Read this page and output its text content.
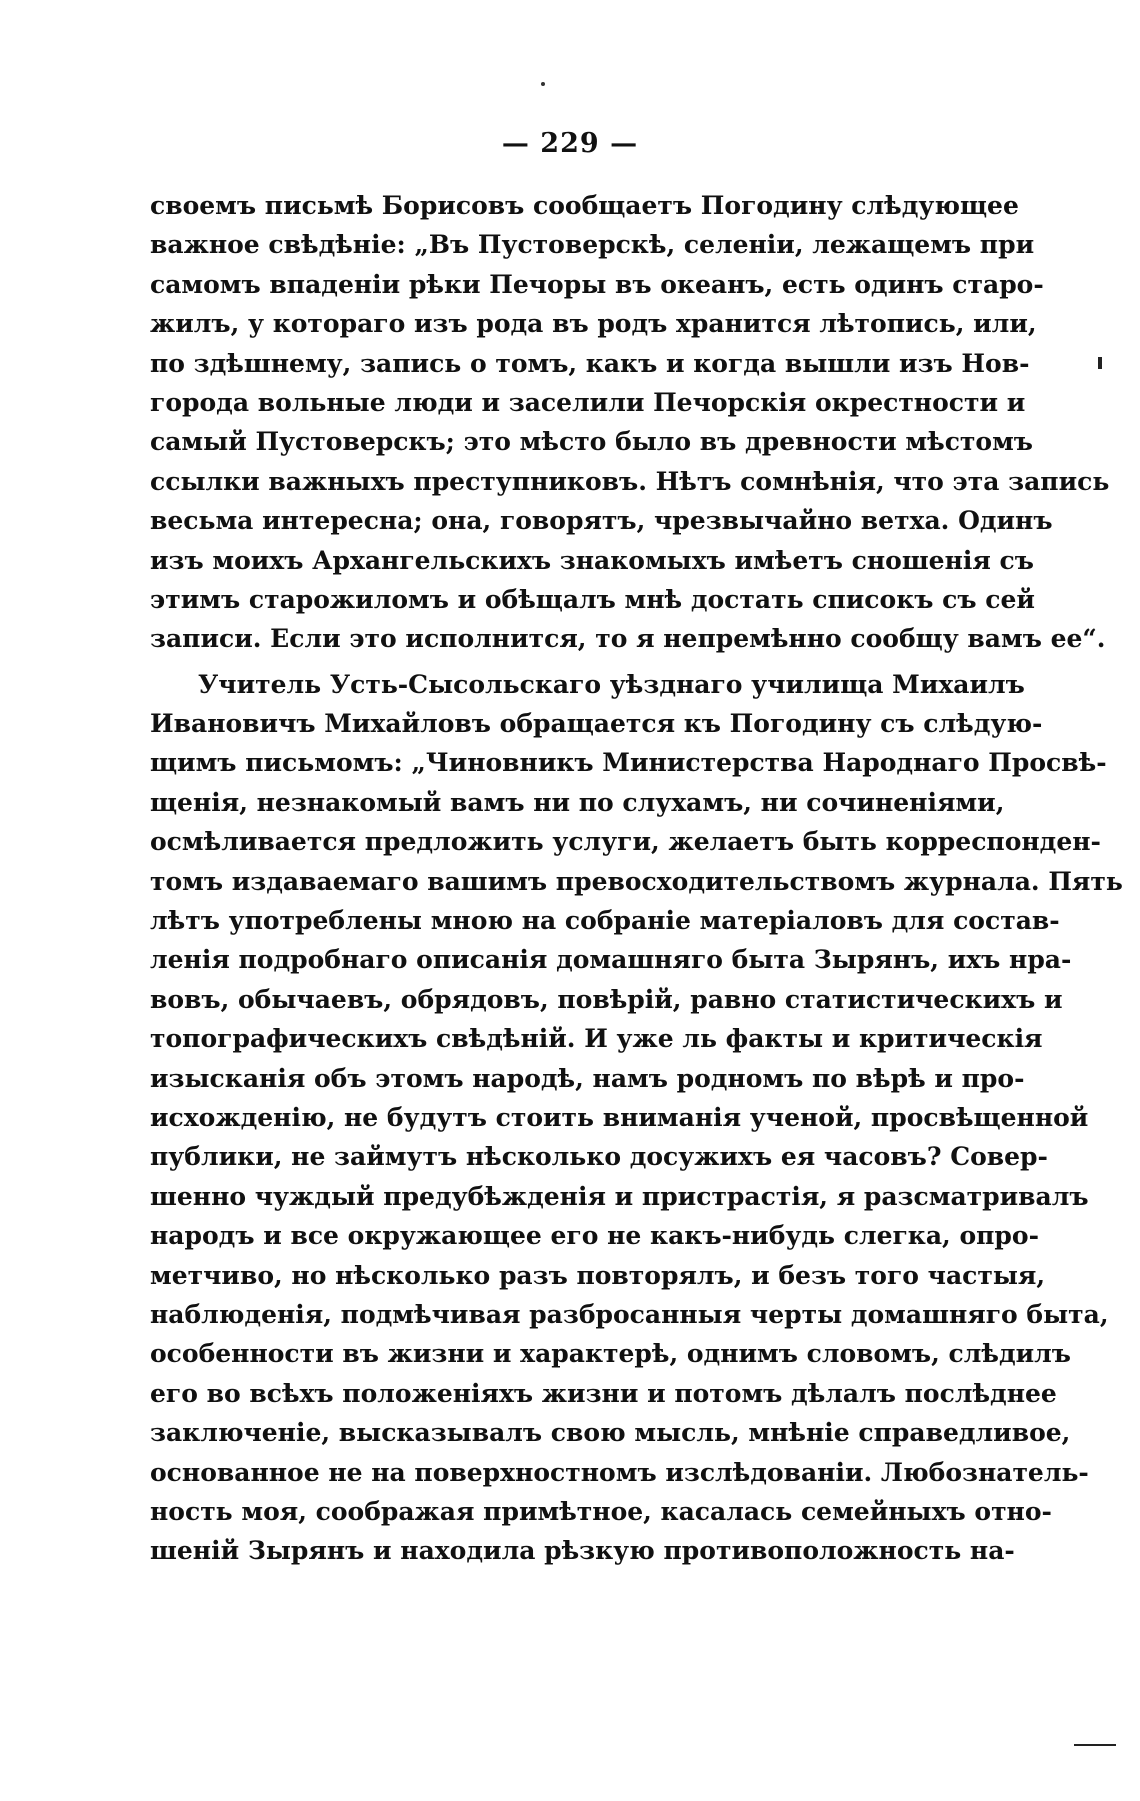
— 229 —
своемъ письмѣ Борисовъ сообщаетъ Погодину слѣдующее
важное свѣдѣніе: „Въ Пустоверскѣ, селеніи, лежащемъ при
самомъ впаденіи рѣки Печоры въ океанъ, есть одинъ старо-
жилъ, у котораго изъ рода въ родъ хранится лѣтопись, или,
по здѣшнему, запись о томъ, какъ и когда вышли изъ Нов-
города вольные люди и заселили Печорскія окрестности и
самый Пустоверскъ; это мѣсто было въ древности мѣстомъ
ссылки важныхъ преступниковъ. Нѣтъ сомнѣнія, что эта запись
весьма интересна; она, говорятъ, чрезвычайно ветха. Одинъ
изъ моихъ Архангельскихъ знакомыхъ имѣетъ сношенія съ
этимъ старожиломъ и обѣщалъ мнѣ достать списокъ съ сей
записи. Если это исполнится, то я непремѣнно сообщу вамъ ее“.
Учитель Усть-Сысольскаго уѣзднаго училища Михаилъ
Ивановичъ Михайловъ обращается къ Погодину съ слѣдую-
щимъ письмомъ: „Чиновникъ Министерства Народнаго Просвѣ-
щенія, незнакомый вамъ ни по слухамъ, ни сочиненіями,
осмѣливается предложить услуги, желаетъ быть корреспонден-
томъ издаваемаго вашимъ превосходительствомъ журнала. Пять
лѣтъ употреблены мною на собраніе матеріаловъ для состав-
ленія подробнаго описанія домашняго быта Зырянъ, ихъ нра-
вовъ, обычаевъ, обрядовъ, повѣрій, равно статистическихъ и
топографическихъ свѣдѣній. И уже ль факты и критическія
изысканія объ этомъ народѣ, намъ родномъ по вѣрѣ и про-
исхожденію, не будутъ стоить вниманія ученой, просвѣщенной
публики, не займутъ нѣсколько досужихъ ея часовъ? Совер-
шенно чуждый предубѣжденія и пристрастія, я разсматривалъ
народъ и все окружающее его не какъ-нибудь слегка, опро-
метчиво, но нѣсколько разъ повторялъ, и безъ того частыя,
наблюденія, подмѣчивая разбросанныя черты домашняго быта,
особенности въ жизни и характерѣ, однимъ словомъ, слѣдилъ
его во всѣхъ положеніяхъ жизни и потомъ дѣлалъ послѣднее
заключеніе, высказывалъ свою мысль, мнѣніе справедливое,
основанное не на поверхностномъ изслѣдованіи. Любознатель-
ность моя, соображая примѣтное, касалась семейныхъ отно-
шеній Зырянъ и находила рѣзкую противоположность на-
